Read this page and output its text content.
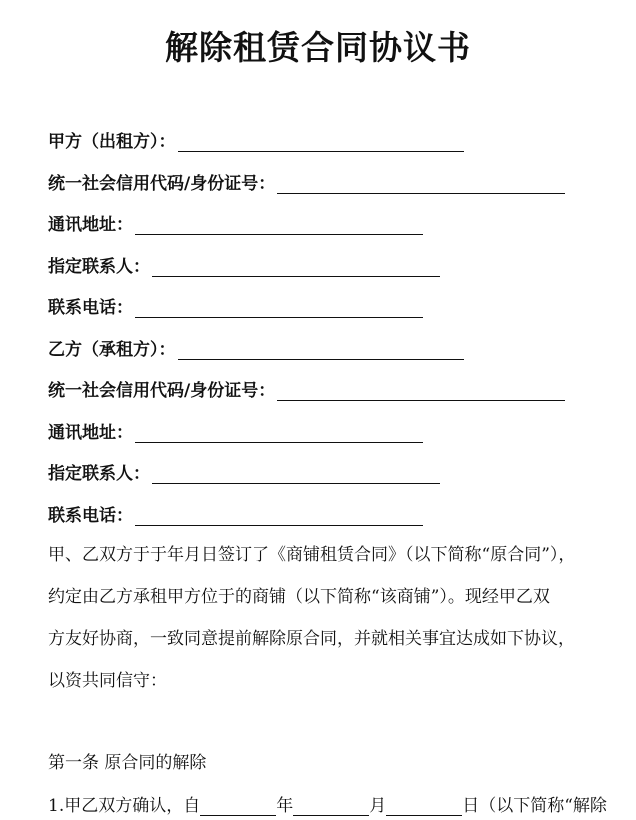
解除租赁合同协议书
甲方（出租方）：
统一社会信用代码/身份证号：
通讯地址：
指定联系人：
联系电话：
乙方（承租方）：
统一社会信用代码/身份证号：
通讯地址：
指定联系人：
联系电话：
甲、乙双方于于年月日签订了《商铺租赁合同》（以下简称“原合同”），
约定由乙方承租甲方位于的商铺（以下简称“该商铺”）。现经甲乙双
方友好协商，一致同意提前解除原合同，并就相关事宜达成如下协议，
以资共同信守：

第一条 原合同的解除

1.甲乙双方确认，自	年	月	日（以下简称“解除
